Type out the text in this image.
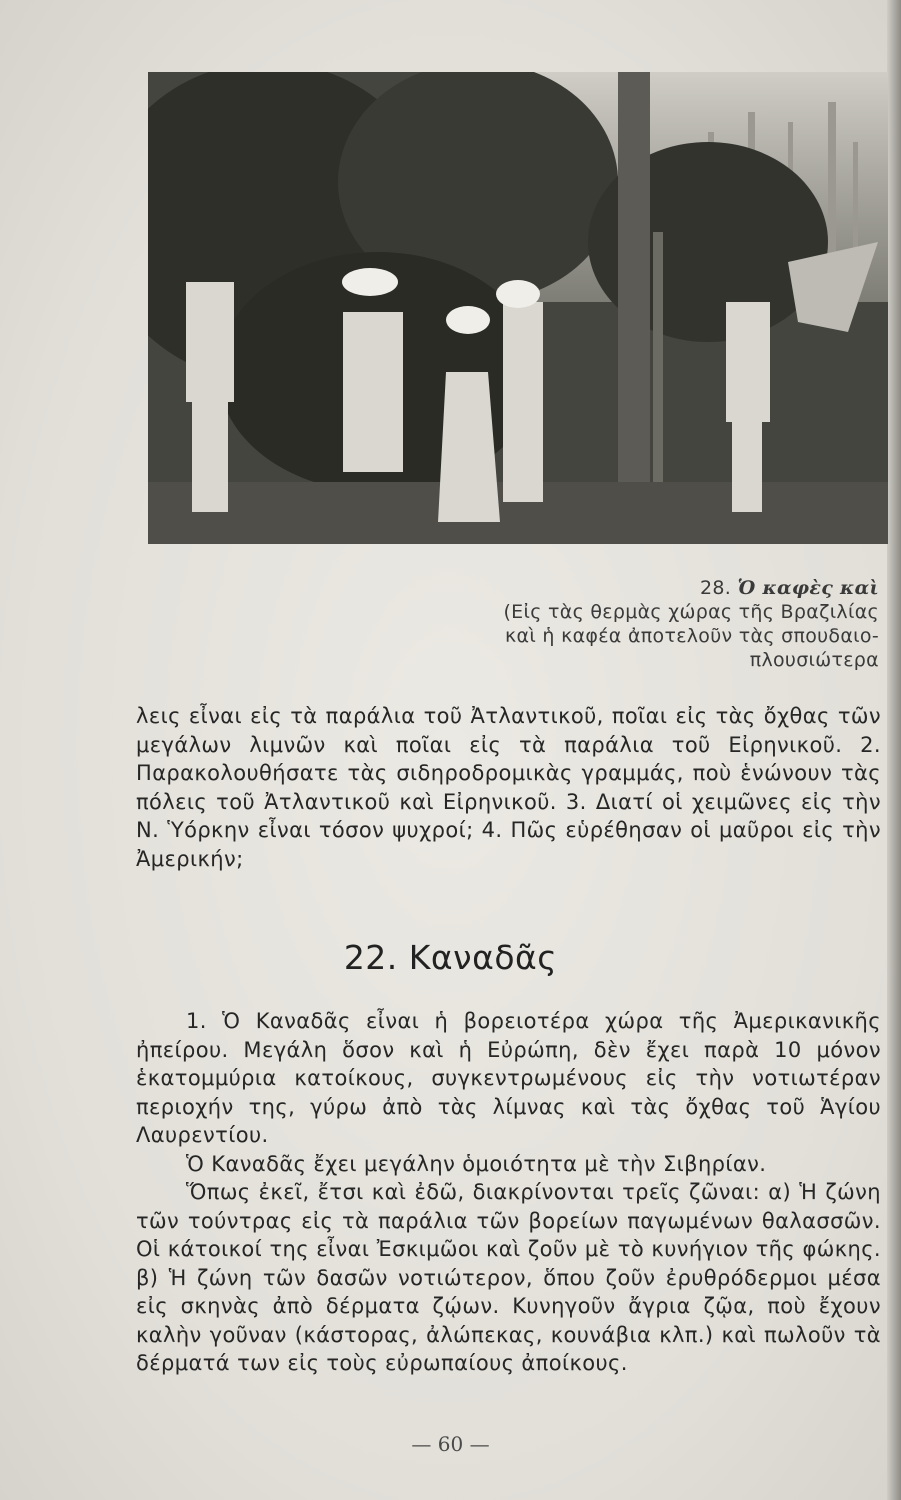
28. Ὁ καφὲς καὶ
(Εἰς τὰς θερμὰς χώρας τῆς Βραζιλίας
καὶ ἡ καφέα ἀποτελοῦν τὰς σπουδαιο-
πλουσιώτερα

λεις εἶναι εἰς τὰ παράλια τοῦ Ἀτλαντικοῦ, ποῖαι εἰς τὰς ὄχθας τῶν μεγάλων λιμνῶν καὶ ποῖαι εἰς τὰ παράλια τοῦ Εἰρηνικοῦ. 2. Παρακολουθήσατε τὰς σιδηροδρομικὰς γραμμάς, ποὺ ἑνώνουν τὰς πόλεις τοῦ Ἀτλαντικοῦ καὶ Εἰρηνικοῦ. 3. Διατί οἱ χειμῶνες εἰς τὴν Ν. Ὑόρκην εἶναι τόσον ψυχροί; 4. Πῶς εὑρέθησαν οἱ μαῦροι εἰς τὴν Ἀμερικήν;

22. Καναδᾶς

1. Ὁ Καναδᾶς εἶναι ἡ βορειοτέρα χώρα τῆς Ἀμερικανικῆς ἠπείρου. Μεγάλη ὅσον καὶ ἡ Εὐρώπη, δὲν ἔχει παρὰ 10 μόνον ἑκατομμύρια κατοίκους, συγκεντρωμένους εἰς τὴν νοτιωτέραν περιοχήν της, γύρω ἀπὸ τὰς λίμνας καὶ τὰς ὄχθας τοῦ Ἁγίου Λαυρεντίου.

Ὁ Καναδᾶς ἔχει μεγάλην ὁμοιότητα μὲ τὴν Σιβηρίαν.

Ὅπως ἐκεῖ, ἔτσι καὶ ἐδῶ, διακρίνονται τρεῖς ζῶναι: α) Ἡ ζώνη τῶν τούντρας εἰς τὰ παράλια τῶν βορείων παγωμένων θαλασσῶν. Οἱ κάτοικοί της εἶναι Ἐσκιμῶοι καὶ ζοῦν μὲ τὸ κυνήγιον τῆς φώκης. β) Ἡ ζώνη τῶν δασῶν νοτιώτερον, ὅπου ζοῦν ἐρυθρόδερμοι μέσα εἰς σκηνὰς ἀπὸ δέρματα ζῴων. Κυνηγοῦν ἄγρια ζῷα, ποὺ ἔχουν καλὴν γοῦναν (κάστορας, ἀλώπεκας, κουνάβια κλπ.) καὶ πωλοῦν τὰ δέρματά των εἰς τοὺς εὐρωπαίους ἀποίκους.

— 60 —
